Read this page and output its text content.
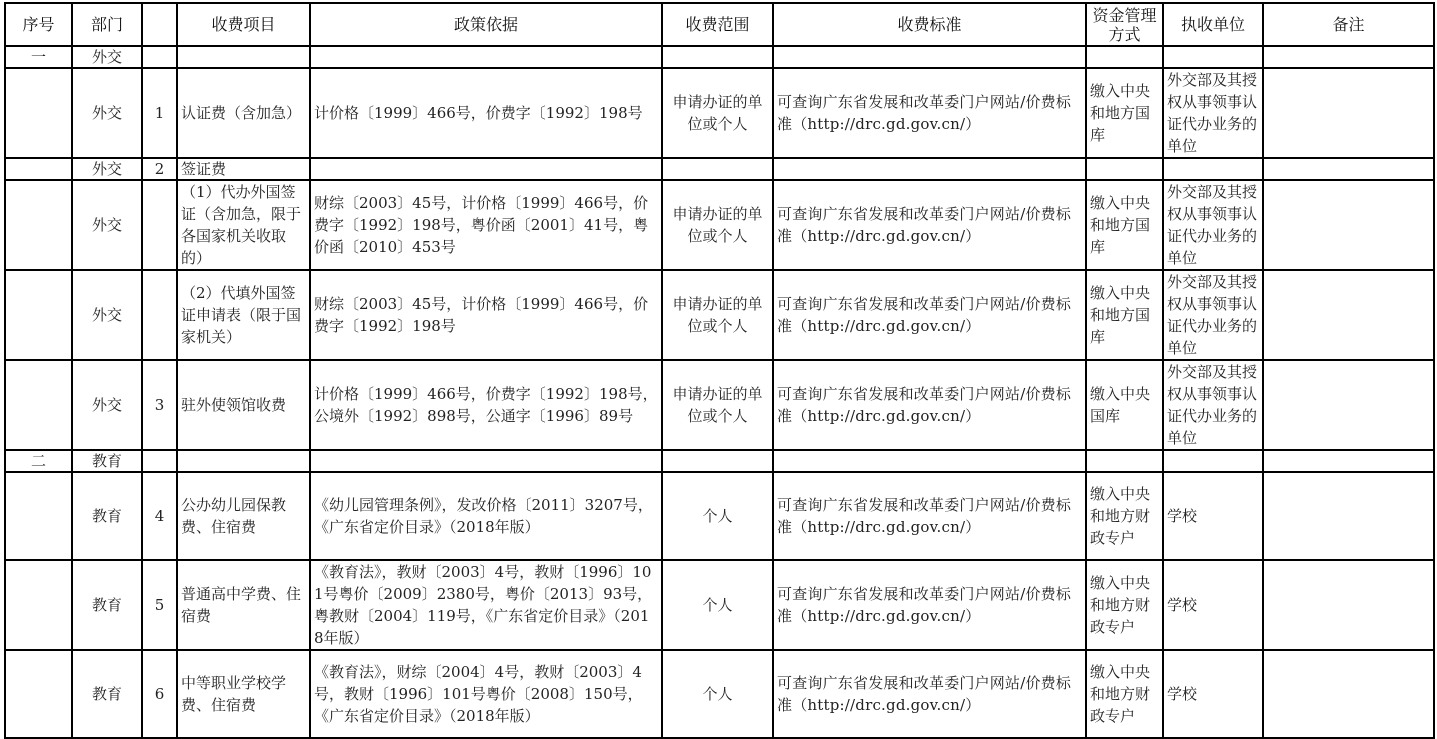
序号	部门		收费项目	政策依据	收费范围	收费标准	资金管理方式	执收单位	备注
一	外交								
	外交	1	认证费（含加急）	计价格〔1999〕466号，价费字〔1992〕198号	申请办证的单位或个人	可查询广东省发展和改革委门户网站/价费标准（http://drc.gd.gov.cn/）	缴入中央和地方国库	外交部及其授权从事领事认证代办业务的单位	
	外交	2	签证费						
	外交		（1）代办外国签证（含加急，限于各国家机关收取的）	财综〔2003〕45号，计价格〔1999〕466号，价费字〔1992〕198号，粤价函〔2001〕41号，粤价函〔2010〕453号	申请办证的单位或个人	可查询广东省发展和改革委门户网站/价费标准（http://drc.gd.gov.cn/）	缴入中央和地方国库	外交部及其授权从事领事认证代办业务的单位	
	外交		（2）代填外国签证申请表（限于国家机关）	财综〔2003〕45号，计价格〔1999〕466号，价费字〔1992〕198号	申请办证的单位或个人	可查询广东省发展和改革委门户网站/价费标准（http://drc.gd.gov.cn/）	缴入中央和地方国库	外交部及其授权从事领事认证代办业务的单位	
	外交	3	驻外使领馆收费	计价格〔1999〕466号，价费字〔1992〕198号，公境外〔1992〕898号，公通字〔1996〕89号	申请办证的单位或个人	可查询广东省发展和改革委门户网站/价费标准（http://drc.gd.gov.cn/）	缴入中央国库	外交部及其授权从事领事认证代办业务的单位	
二	教育								
	教育	4	公办幼儿园保教费、住宿费	《幼儿园管理条例》，发改价格〔2011〕3207号，《广东省定价目录》（2018年版）	个人	可查询广东省发展和改革委门户网站/价费标准（http://drc.gd.gov.cn/）	缴入中央和地方财政专户	学校	
	教育	5	普通高中学费、住宿费	《教育法》，教财〔2003〕4号，教财〔1996〕101号粤价〔2009〕2380号，粤价〔2013〕93号，粤教财〔2004〕119号，《广东省定价目录》（2018年版）	个人	可查询广东省发展和改革委门户网站/价费标准（http://drc.gd.gov.cn/）	缴入中央和地方财政专户	学校	
	教育	6	中等职业学校学费、住宿费	《教育法》，财综〔2004〕4号，教财〔2003〕4号，教财〔1996〕101号粤价〔2008〕150号，《广东省定价目录》（2018年版）	个人	可查询广东省发展和改革委门户网站/价费标准（http://drc.gd.gov.cn/）	缴入中央和地方财政专户	学校	
